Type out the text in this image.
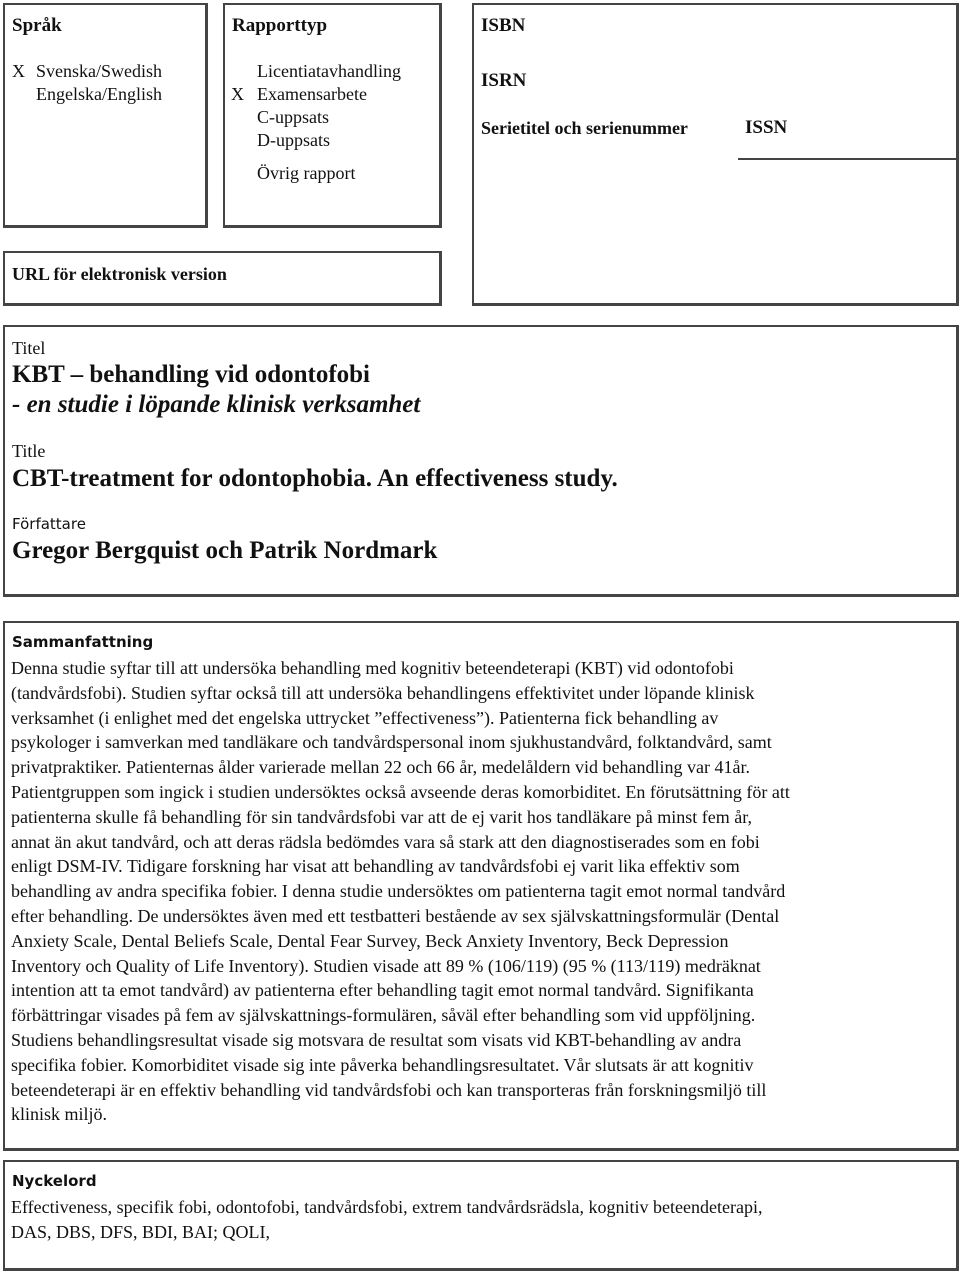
Språk
X Svenska/Swedish
Engelska/English
Rapporttyp
Licentiatavhandling
X Examensarbete
C-uppsats
D-uppsats
Övrig rapport
ISBN
ISRN
Serietitel och serienummer	ISSN
URL för elektronisk version
Titel
KBT – behandling vid odontofobi
- en studie i löpande klinisk verksamhet
Title
CBT-treatment for odontophobia. An effectiveness study.
Författare
Gregor Bergquist och Patrik Nordmark
Sammanfattning

Denna studie syftar till att undersöka behandling med kognitiv beteendeterapi (KBT) vid odontofobi
(tandvårdsfobi). Studien syftar också till att undersöka behandlingens effektivitet under löpande klinisk
verksamhet (i enlighet med det engelska uttrycket ”effectiveness”). Patienterna fick behandling av
psykologer i samverkan med tandläkare och tandvårdspersonal inom sjukhustandvård, folktandvård, samt
privatpraktiker. Patienternas ålder varierade mellan 22 och 66 år, medelåldern vid behandling var 41år.
Patientgruppen som ingick i studien undersöktes också avseende deras komorbiditet. En förutsättning för att
patienterna skulle få behandling för sin tandvårdsfobi var att de ej varit hos tandläkare på minst fem år,
annat än akut tandvård, och att deras rädsla bedömdes vara så stark att den diagnostiserades som en fobi
enligt DSM-IV. Tidigare forskning har visat att behandling av tandvårdsfobi ej varit lika effektiv som
behandling av andra specifika fobier. I denna studie undersöktes om patienterna tagit emot normal tandvård
efter behandling. De undersöktes även med ett testbatteri bestående av sex självskattningsformulär (Dental
Anxiety Scale, Dental Beliefs Scale, Dental Fear Survey, Beck Anxiety Inventory, Beck Depression
Inventory och Quality of Life Inventory). Studien visade att 89 % (106/119) (95 % (113/119) medräknat
intention att ta emot tandvård) av patienterna efter behandling tagit emot normal tandvård. Signifikanta
förbättringar visades på fem av självskattnings-formulären, såväl efter behandling som vid uppföljning.
Studiens behandlingsresultat visade sig motsvara de resultat som visats vid KBT-behandling av andra
specifika fobier. Komorbiditet visade sig inte påverka behandlingsresultatet. Vår slutsats är att kognitiv
beteendeterapi är en effektiv behandling vid tandvårdsfobi och kan transporteras från forskningsmiljö till
klinisk miljö.

Nyckelord

Effectiveness, specifik fobi, odontofobi, tandvårdsfobi, extrem tandvårdsrädsla, kognitiv beteendeterapi,
DAS, DBS, DFS, BDI, BAI; QOLI,
